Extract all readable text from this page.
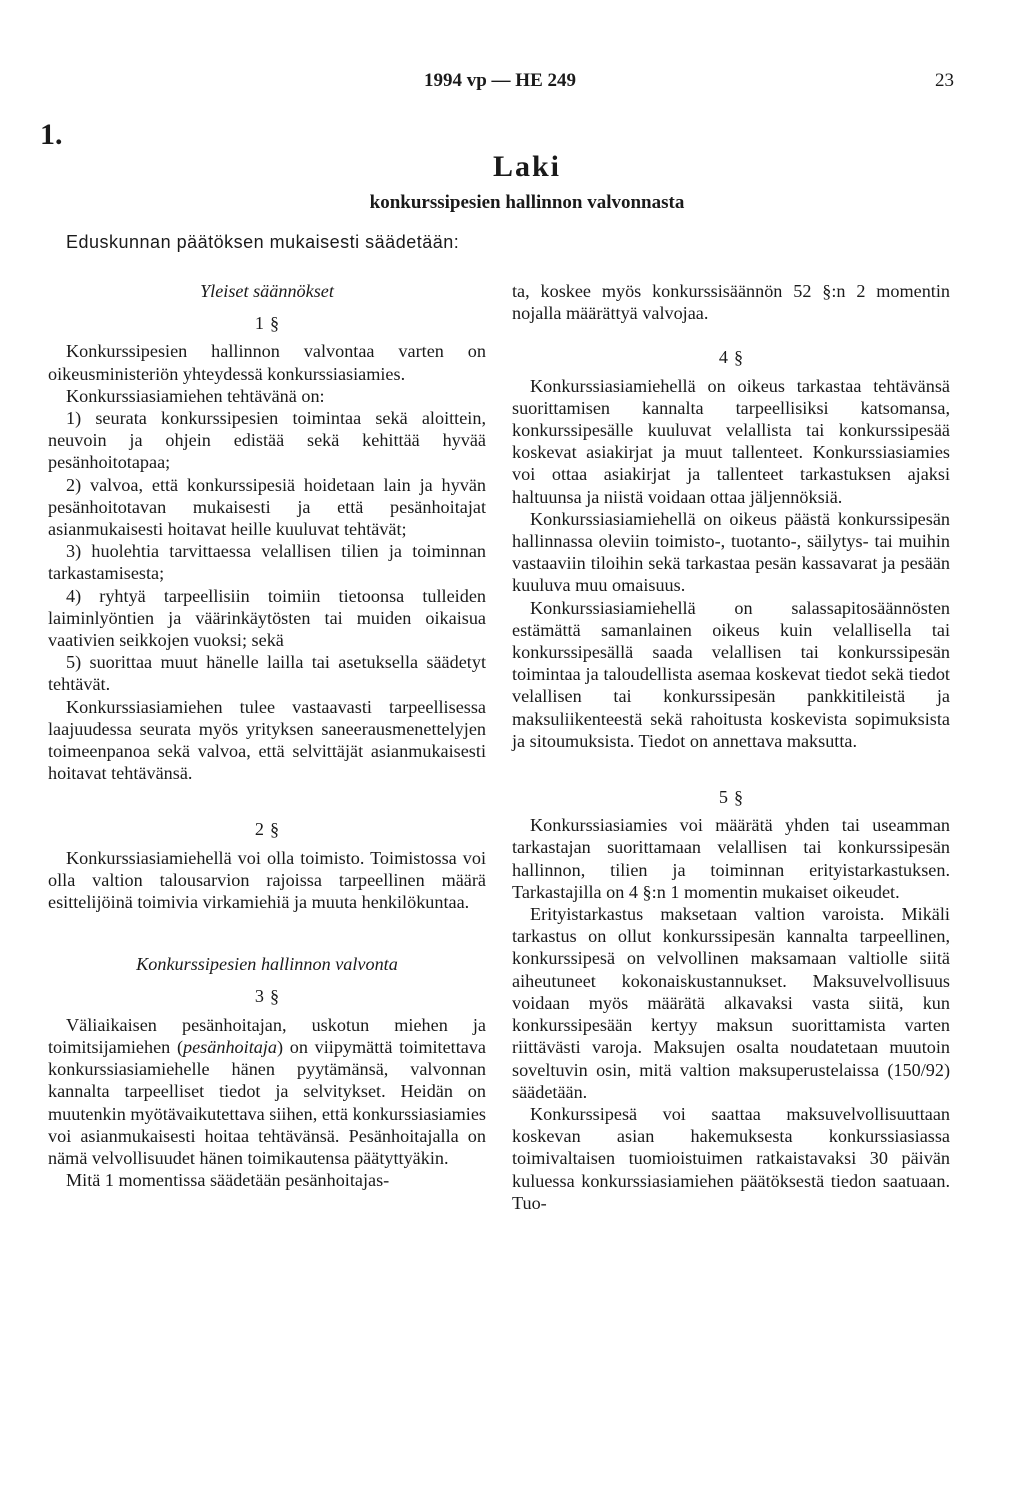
1994 vp — HE 249	23
1.
Laki
konkurssipesien hallinnon valvonnasta
Eduskunnan päätöksen mukaisesti säädetään:
Yleiset säännökset
1 §

Konkurssipesien hallinnon valvontaa varten on oikeusministeriön yhteydessä konkurssiasiamies.

Konkurssiasiamiehen tehtävänä on:

1) seurata konkurssipesien toimintaa sekä aloittein, neuvoin ja ohjein edistää sekä kehittää hyvää pesänhoitotapaa;

2) valvoa, että konkurssipesiä hoidetaan lain ja hyvän pesänhoitotavan mukaisesti ja että pesänhoitajat asianmukaisesti hoitavat heille kuuluvat tehtävät;

3) huolehtia tarvittaessa velallisen tilien ja toiminnan tarkastamisesta;

4) ryhtyä tarpeellisiin toimiin tietoonsa tulleiden laiminlyöntien ja väärinkäytösten tai muiden oikaisua vaativien seikkojen vuoksi; sekä

5) suorittaa muut hänelle lailla tai asetuksella säädetyt tehtävät.

Konkurssiasiamiehen tulee vastaavasti tarpeellisessa laajuudessa seurata myös yrityksen saneerausmenettelyjen toimeenpanoa sekä valvoa, että selvittäjät asianmukaisesti hoitavat tehtävänsä.

2 §

Konkurssiasiamiehellä voi olla toimisto. Toimistossa voi olla valtion talousarvion rajoissa tarpeellinen määrä esittelijöinä toimivia virkamiehiä ja muuta henkilökuntaa.

Konkurssipesien hallinnon valvonta
3 §

Väliaikaisen pesänhoitajan, uskotun miehen ja toimitsijamiehen (pesänhoitaja) on viipymättä toimitettava konkurssiasiamiehelle hänen pyytämänsä, valvonnan kannalta tarpeelliset tiedot ja selvitykset. Heidän on muutenkin myötävaikutettava siihen, että konkurssiasiamies voi asianmukaisesti hoitaa tehtävänsä. Pesänhoitajalla on nämä velvollisuudet hänen toimikautensa päätyttyäkin.

Mitä 1 momentissa säädetään pesänhoitajas-

ta, koskee myös konkurssisäännön 52 §:n 2 momentin nojalla määrättyä valvojaa.

4 §

Konkurssiasiamiehellä on oikeus tarkastaa tehtävänsä suorittamisen kannalta tarpeellisiksi katsomansa, konkurssipesälle kuuluvat velallista tai konkurssipesää koskevat asiakirjat ja muut tallenteet. Konkurssiasiamies voi ottaa asiakirjat ja tallenteet tarkastuksen ajaksi haltuunsa ja niistä voidaan ottaa jäljennöksiä.

Konkurssiasiamiehellä on oikeus päästä konkurssipesän hallinnassa oleviin toimisto-, tuotanto-, säilytys- tai muihin vastaaviin tiloihin sekä tarkastaa pesän kassavarat ja pesään kuuluva muu omaisuus.

Konkurssiasiamiehellä on salassapitosäännösten estämättä samanlainen oikeus kuin velallisella tai konkurssipesällä saada velallisen tai konkurssipesän toimintaa ja taloudellista asemaa koskevat tiedot sekä tiedot velallisen tai konkurssipesän pankkitileistä ja maksuliikenteestä sekä rahoitusta koskevista sopimuksista ja sitoumuksista. Tiedot on annettava maksutta.

5 §

Konkurssiasiamies voi määrätä yhden tai useamman tarkastajan suorittamaan velallisen tai konkurssipesän hallinnon, tilien ja toiminnan erityistarkastuksen. Tarkastajilla on 4 §:n 1 momentin mukaiset oikeudet.

Erityistarkastus maksetaan valtion varoista. Mikäli tarkastus on ollut konkurssipesän kannalta tarpeellinen, konkurssipesä on velvollinen maksamaan valtiolle siitä aiheutuneet kokonaiskustannukset. Maksuvelvollisuus voidaan myös määrätä alkavaksi vasta siitä, kun konkurssipesään kertyy maksun suorittamista varten riittävästi varoja. Maksujen osalta noudatetaan muutoin soveltuvin osin, mitä valtion maksuperustelaissa (150/92) säädetään.

Konkurssipesä voi saattaa maksuvelvollisuuttaan koskevan asian hakemuksesta konkurssiasiassa toimivaltaisen tuomioistuimen ratkaistavaksi 30 päivän kuluessa konkurssiasiamiehen päätöksestä tiedon saatuaan. Tuo-
